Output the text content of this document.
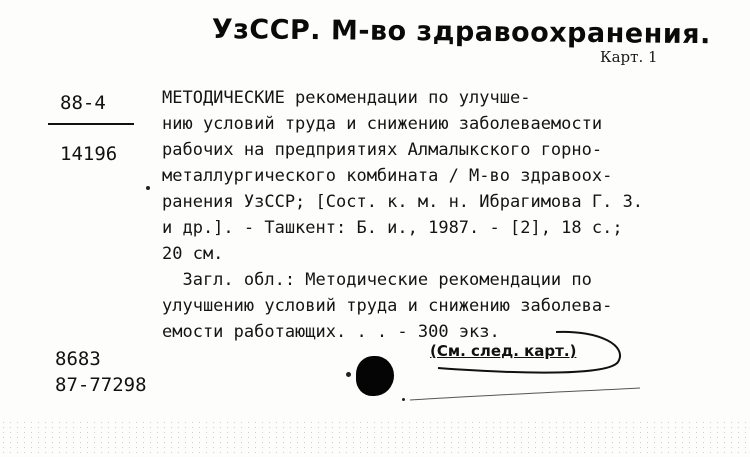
УзССР. М-во здравоохранения.
Карт. 1
88-4
14196
МЕТОДИЧЕСКИЕ рекомендации по улучше-
нию условий труда и снижению заболеваемости
рабочих на предприятиях Алмалыкского горно-
металлургического комбината / М-во здравоох-
ранения УзССР; [Сост. к. м. н. Ибрагимова Г. З.
и др.]. - Ташкент: Б. и., 1987. - [2], 18 с.;
20 см.
Загл. обл.: Методические рекомендации по
улучшению условий труда и снижению заболева-
емости работающих. . . - 300 экз.
8683
87-77298
(См. след. карт.)
